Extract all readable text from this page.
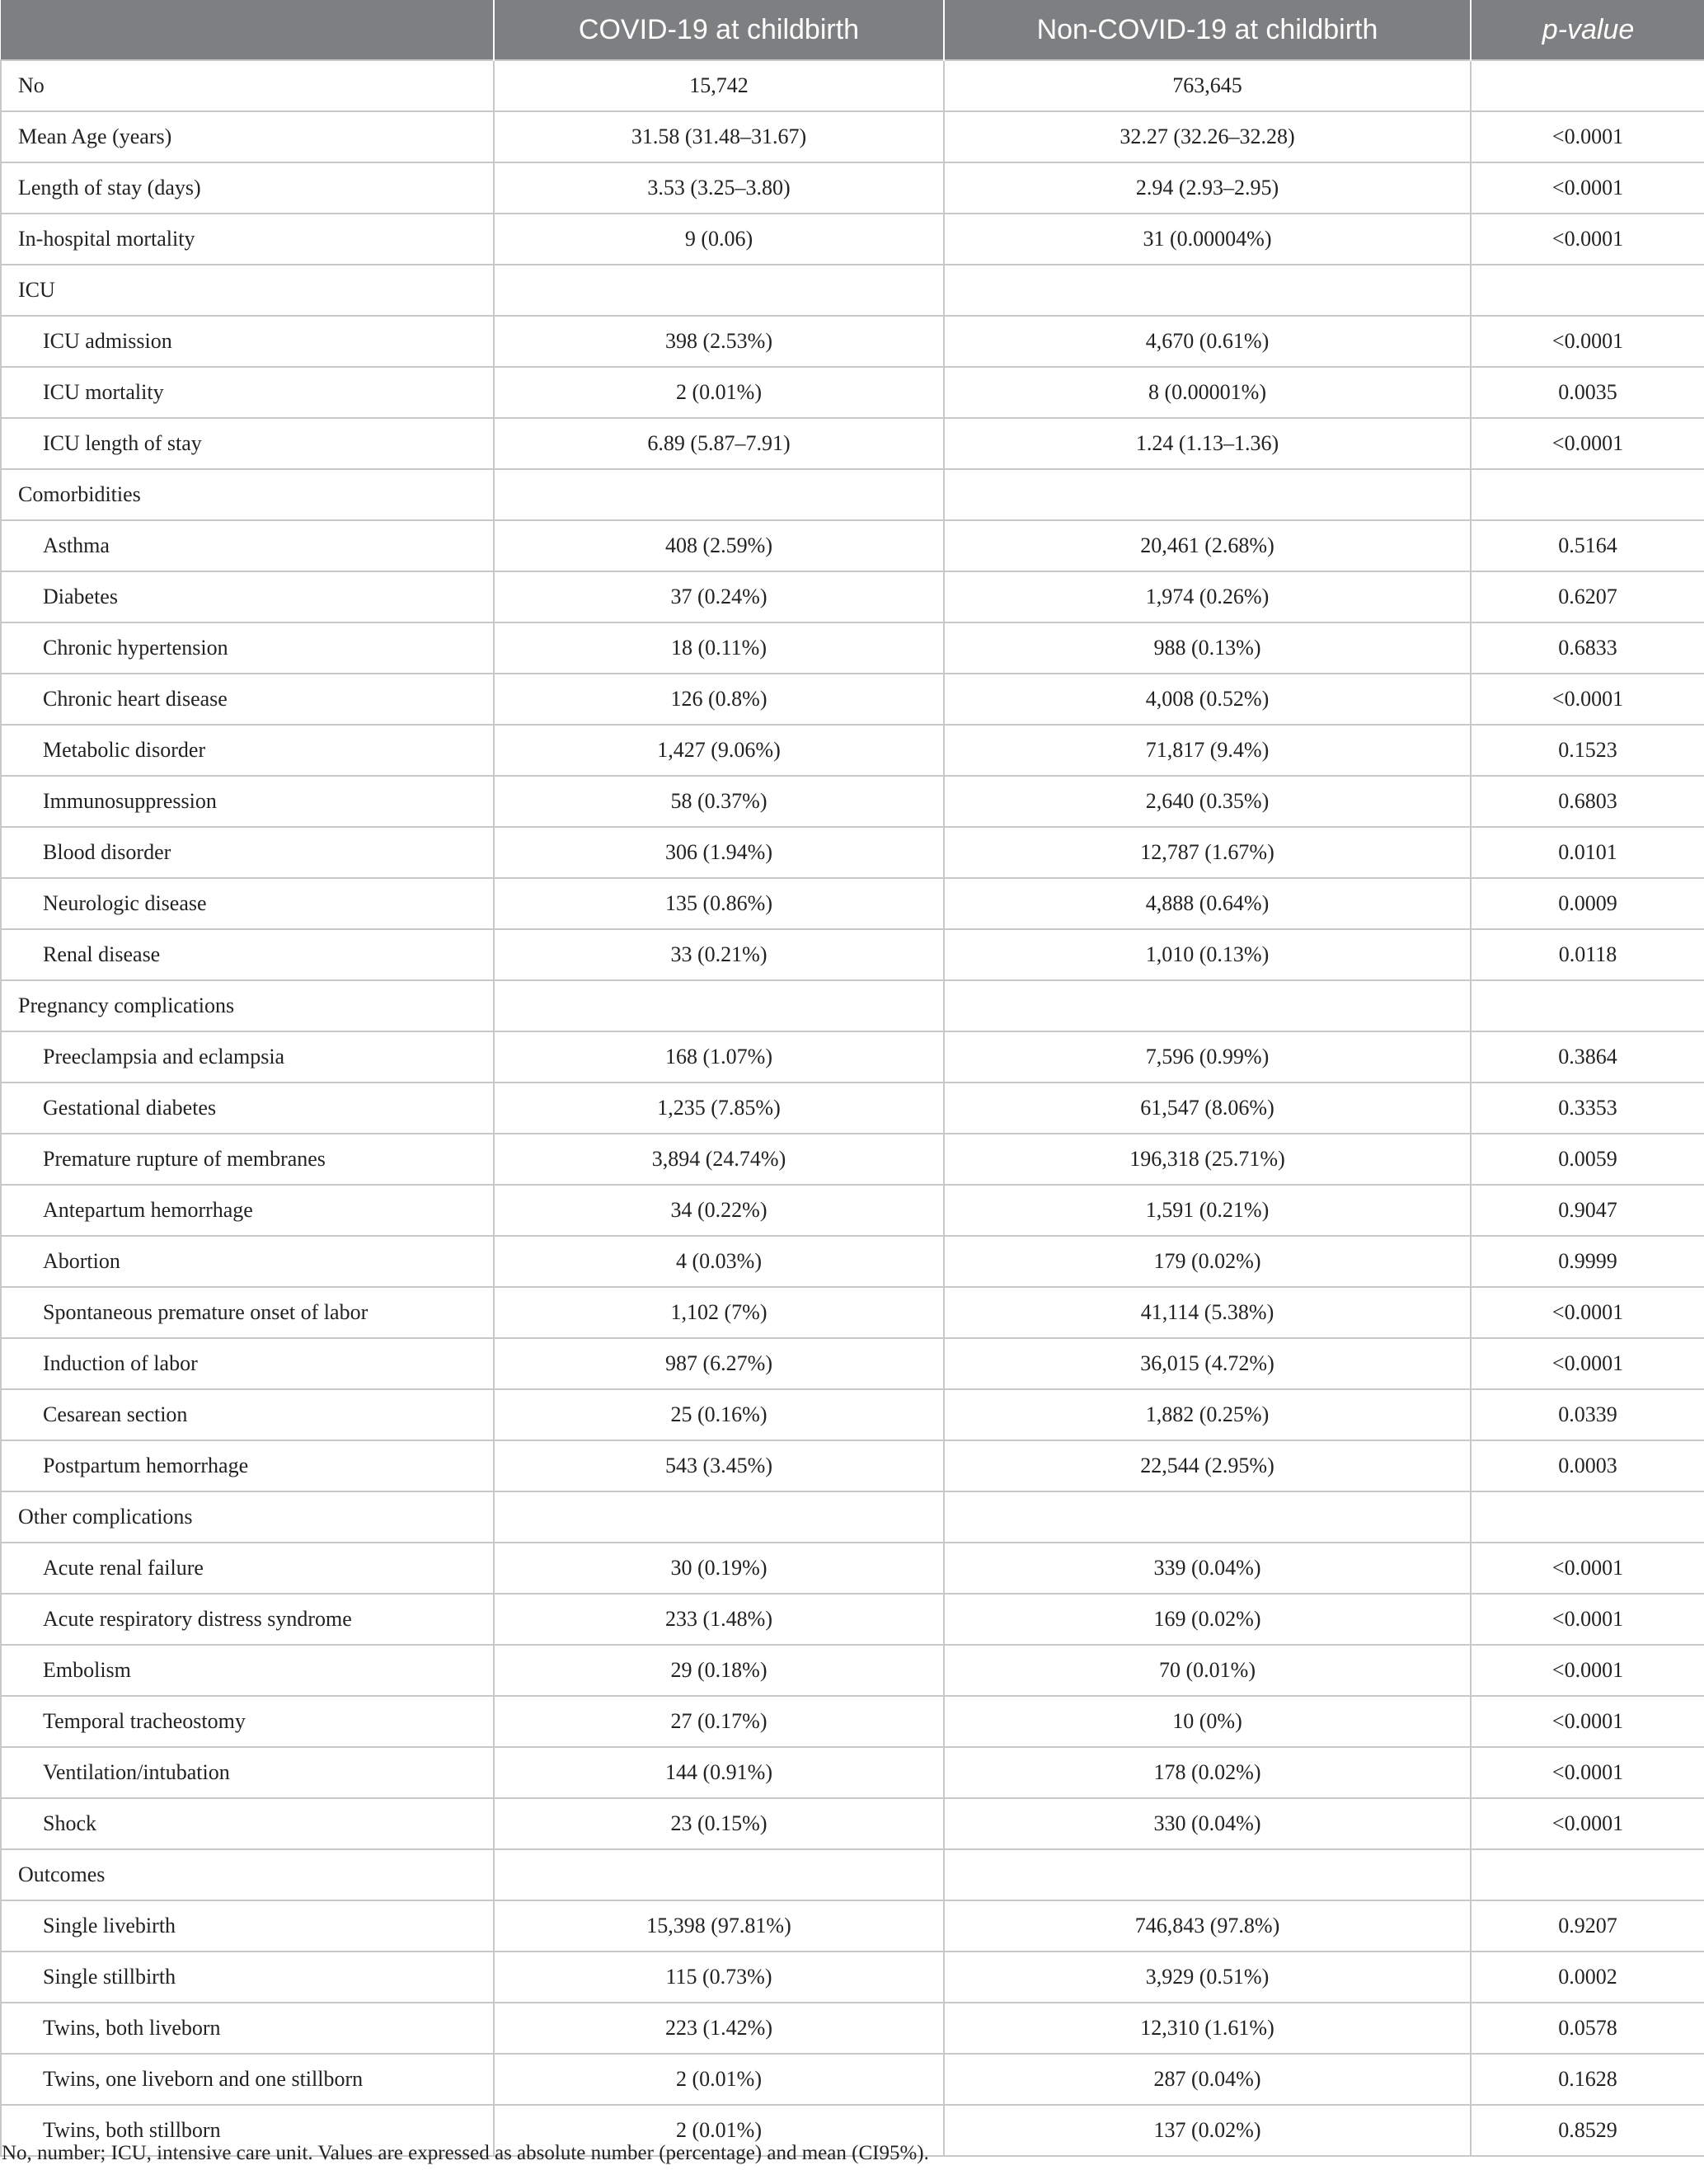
	COVID-19 at childbirth	Non-COVID-19 at childbirth	p-value
No	15,742	763,645	
Mean Age (years)	31.58 (31.48–31.67)	32.27 (32.26–32.28)	<0.0001
Length of stay (days)	3.53 (3.25–3.80)	2.94 (2.93–2.95)	<0.0001
In-hospital mortality	9 (0.06)	31 (0.00004%)	<0.0001
ICU			
ICU admission	398 (2.53%)	4,670 (0.61%)	<0.0001
ICU mortality	2 (0.01%)	8 (0.00001%)	0.0035
ICU length of stay	6.89 (5.87–7.91)	1.24 (1.13–1.36)	<0.0001
Comorbidities			
Asthma	408 (2.59%)	20,461 (2.68%)	0.5164
Diabetes	37 (0.24%)	1,974 (0.26%)	0.6207
Chronic hypertension	18 (0.11%)	988 (0.13%)	0.6833
Chronic heart disease	126 (0.8%)	4,008 (0.52%)	<0.0001
Metabolic disorder	1,427 (9.06%)	71,817 (9.4%)	0.1523
Immunosuppression	58 (0.37%)	2,640 (0.35%)	0.6803
Blood disorder	306 (1.94%)	12,787 (1.67%)	0.0101
Neurologic disease	135 (0.86%)	4,888 (0.64%)	0.0009
Renal disease	33 (0.21%)	1,010 (0.13%)	0.0118
Pregnancy complications			
Preeclampsia and eclampsia	168 (1.07%)	7,596 (0.99%)	0.3864
Gestational diabetes	1,235 (7.85%)	61,547 (8.06%)	0.3353
Premature rupture of membranes	3,894 (24.74%)	196,318 (25.71%)	0.0059
Antepartum hemorrhage	34 (0.22%)	1,591 (0.21%)	0.9047
Abortion	4 (0.03%)	179 (0.02%)	0.9999
Spontaneous premature onset of labor	1,102 (7%)	41,114 (5.38%)	<0.0001
Induction of labor	987 (6.27%)	36,015 (4.72%)	<0.0001
Cesarean section	25 (0.16%)	1,882 (0.25%)	0.0339
Postpartum hemorrhage	543 (3.45%)	22,544 (2.95%)	0.0003
Other complications			
Acute renal failure	30 (0.19%)	339 (0.04%)	<0.0001
Acute respiratory distress syndrome	233 (1.48%)	169 (0.02%)	<0.0001
Embolism	29 (0.18%)	70 (0.01%)	<0.0001
Temporal tracheostomy	27 (0.17%)	10 (0%)	<0.0001
Ventilation/intubation	144 (0.91%)	178 (0.02%)	<0.0001
Shock	23 (0.15%)	330 (0.04%)	<0.0001
Outcomes			
Single livebirth	15,398 (97.81%)	746,843 (97.8%)	0.9207
Single stillbirth	115 (0.73%)	3,929 (0.51%)	0.0002
Twins, both liveborn	223 (1.42%)	12,310 (1.61%)	0.0578
Twins, one liveborn and one stillborn	2 (0.01%)	287 (0.04%)	0.1628
Twins, both stillborn	2 (0.01%)	137 (0.02%)	0.8529
No, number; ICU, intensive care unit. Values are expressed as absolute number (percentage) and mean (CI95%).
